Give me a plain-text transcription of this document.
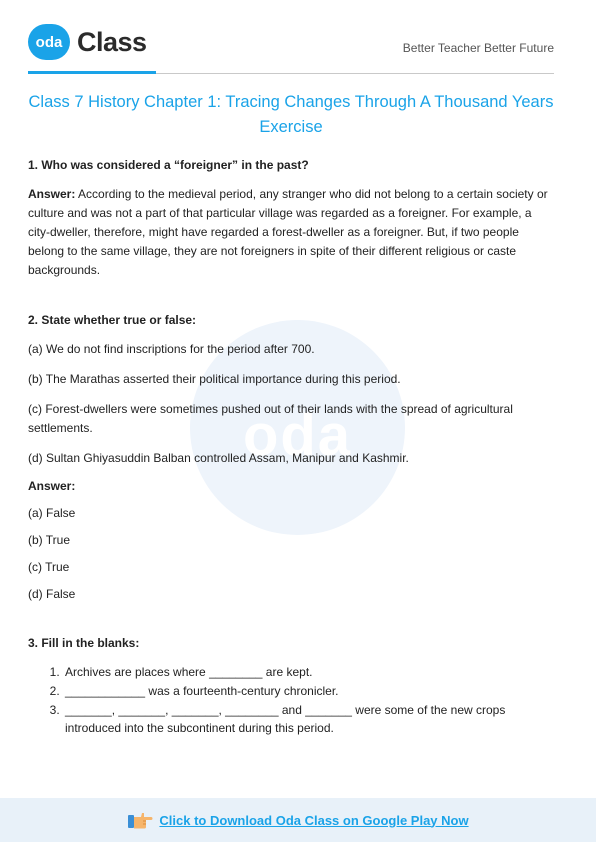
oda
oda Class	Better Teacher Better Future
Class 7 History Chapter 1: Tracing Changes Through A Thousand Years Exercise
1. Who was considered a “foreigner” in the past?

Answer: According to the medieval period, any stranger who did not belong to a certain society or culture and was not a part of that particular village was regarded as a foreigner. For example, a city-dweller, therefore, might have regarded a forest-dweller as a foreigner. But, if two people belong to the same village, they are not foreigners in spite of their different religious or caste backgrounds.

2. State whether true or false:

(a) We do not find inscriptions for the period after 700.

(b) The Marathas asserted their political importance during this period.

(c) Forest-dwellers were sometimes pushed out of their lands with the spread of agricultural settlements.

(d) Sultan Ghiyasuddin Balban controlled Assam, Manipur and Kashmir.

Answer:
(a) False
(b) True
(c) True
(d) False
3. Fill in the blanks:
1. Archives are places where ________ are kept.
2. ____________ was a fourteenth-century chronicler.
3. _______, _______, _______, ________ and _______ were some of the new crops introduced into the subcontinent during this period.
Click to Download Oda Class on Google Play Now
